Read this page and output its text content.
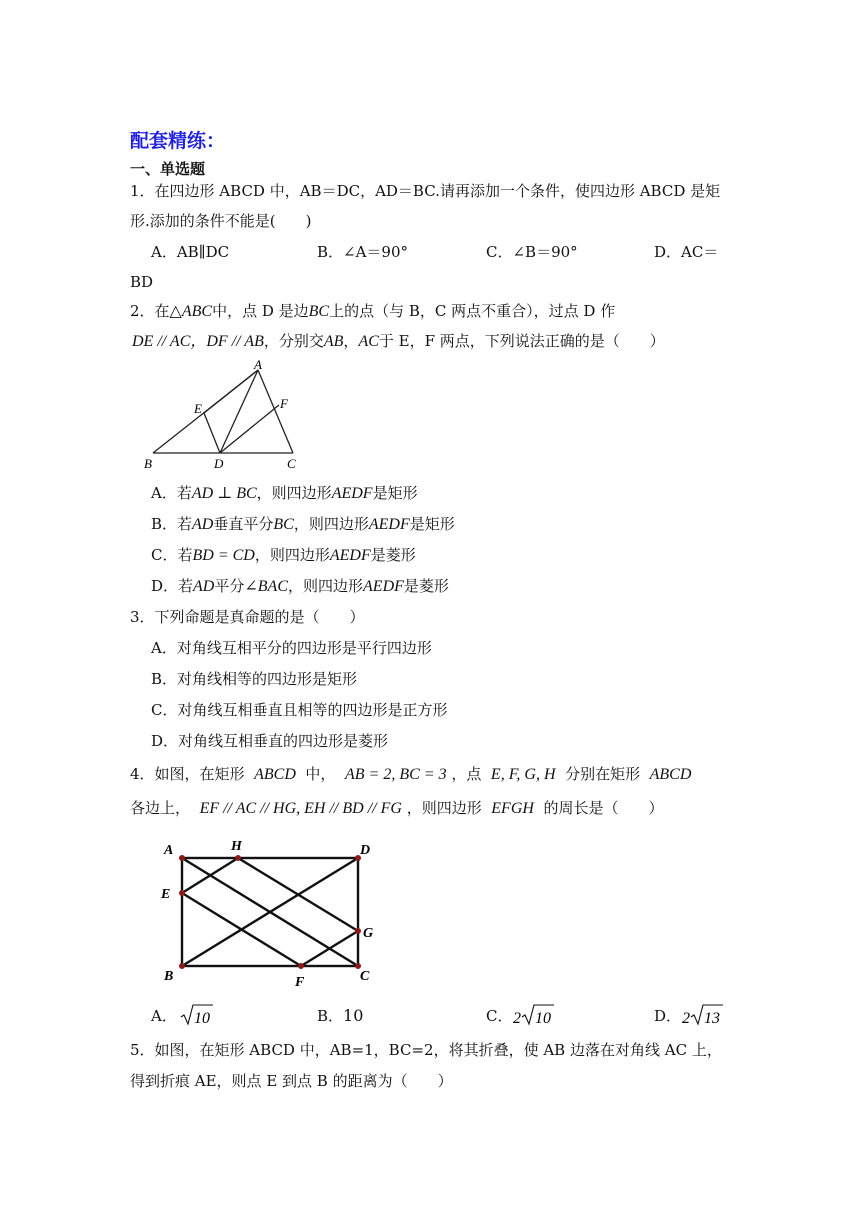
配套精练：
一、单选题
1．在四边形 ABCD 中，AB＝DC，AD＝BC.请再添加一个条件，使四边形 ABCD 是矩
形.添加的条件不能是(　　)
A．AB∥DC	B．∠A＝90°	C．∠B＝90°	D．AC＝
BD
2．在△ABC中，点 D 是边BC上的点（与 B，C 两点不重合），过点 D 作
DE // AC，DF // AB，分别交AB，AC于 E，F 两点，下列说法正确的是（　　）
A
B	C
D
E	F
A．若AD ⊥ BC，则四边形AEDF是矩形
B．若AD垂直平分BC，则四边形AEDF是矩形
C．若BD = CD，则四边形AEDF是菱形
D．若AD平分∠BAC，则四边形AEDF是菱形
3．下列命题是真命题的是（　　）
A．对角线互相平分的四边形是平行四边形
B．对角线相等的四边形是矩形
C．对角线互相垂直且相等的四边形是正方形
D．对角线互相垂直的四边形是菱形
4．如图，在矩形 ABCD 中， AB = 2, BC = 3 ，点 E, F, G, H 分别在矩形 ABCD
各边上， EF // AC // HG, EH // BD // FG ，则四边形 EFGH 的周长是（　　）
A	H	D
E
G
B	F	C
A． 10	B．10	C． 2 10	D． 2 13
5．如图，在矩形 ABCD 中，AB=1，BC=2，将其折叠，使 AB 边落在对角线 AC 上，
得到折痕 AE，则点 E 到点 B 的距离为（　　）
